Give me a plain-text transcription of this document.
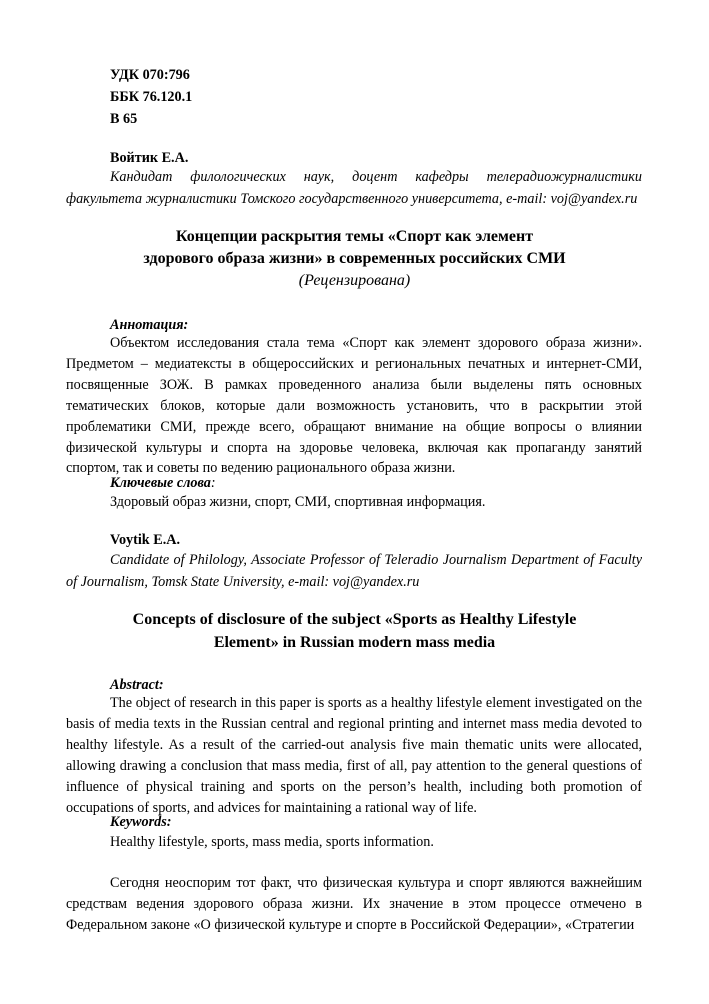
УДК 070:796
ББК 76.120.1
В 65
Войтик Е.А.

Кандидат филологических наук, доцент кафедры телерадиожурналистики факультета журналистики Томского государственного университета, e-mail: voj@yandex.ru

Концепции раскрытия темы «Спорт как элемент
здорового образа жизни» в современных российских СМИ
(Рецензирована)
Аннотация:

Объектом исследования стала тема «Спорт как элемент здорового образа жизни». Предметом – медиатексты в общероссийских и региональных печатных и интернет-СМИ, посвященные ЗОЖ. В рамках проведенного анализа были выделены пять основных тематических блоков, которые дали возможность установить, что в раскрытии этой проблематики СМИ, прежде всего, обращают внимание на общие вопросы о влиянии физической культуры и спорта на здоровье человека, включая как пропаганду занятий спортом, так и советы по ведению рационального образа жизни.

Ключевые слова:
Здоровый образ жизни, спорт, СМИ, спортивная информация.
Voytik E.A.

Candidate of Philology, Associate Professor of Teleradio Journalism Department of Faculty of Journalism, Tomsk State University, e-mail: voj@yandex.ru

Concepts of disclosure of the subject «Sports as Healthy Lifestyle
Element» in Russian modern mass media
Abstract:

The object of research in this paper is sports as a healthy lifestyle element investigated on the basis of media texts in the Russian central and regional printing and internet mass media devoted to healthy lifestyle. As a result of the carried-out analysis five main thematic units were allocated, allowing drawing a conclusion that mass media, first of all, pay attention to the general questions of influence of physical training and sports on the person’s health, including both promotion of occupations of sports, and advices for maintaining a rational way of life.

Keywords:
Healthy lifestyle, sports, mass media, sports information.

Сегодня неоспорим тот факт, что физическая культура и спорт являются важнейшим средствам ведения здорового образа жизни. Их значение в этом процессе отмечено в Федеральном законе «О физической культуре и спорте в Российской Федерации», «Стратегии
